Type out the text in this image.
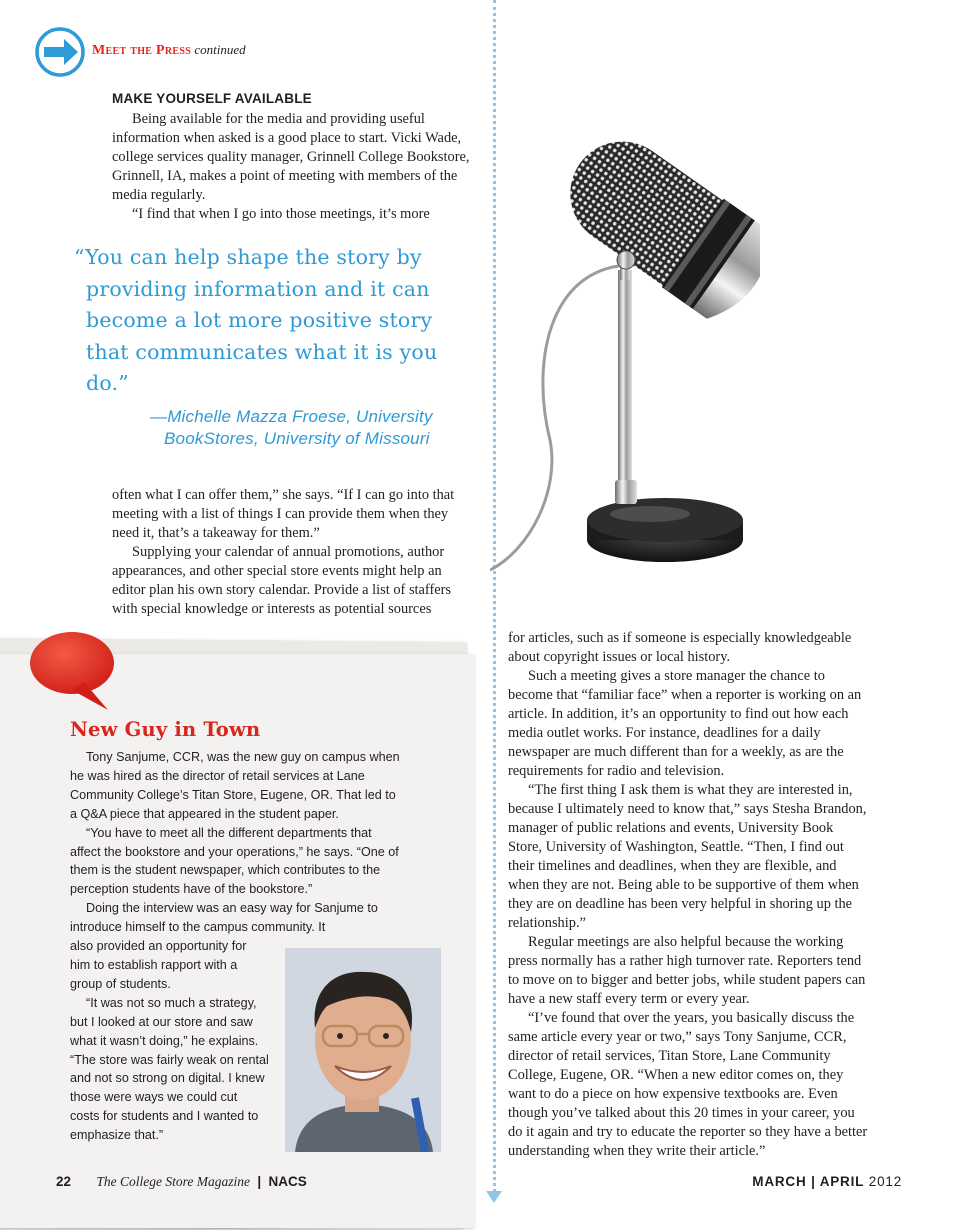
Meet the Press continued
MAKE YOURSELF AVAILABLE

Being available for the media and providing useful information when asked is a good place to start. Vicki Wade, college services quality manager, Grinnell College Bookstore, Grinnell, IA, makes a point of meeting with members of the media regularly.

“I find that when I go into those meetings, it’s more

“You can help shape the story by providing information and it can become a lot more positive story that communicates what it is you do.”
—Michelle Mazza Froese, University BookStores, University of Missouri

often what I can offer them,” she says. “If I can go into that meeting with a list of things I can provide them when they need it, that’s a takeaway for them.”

Supplying your calendar of annual promotions, author appearances, and other special store events might help an editor plan his own story calendar. Provide a list of staffers with special knowledge or interests as potential sources

New Guy in Town

Tony Sanjume, CCR, was the new guy on campus when he was hired as the director of retail services at Lane Community College’s Titan Store, Eugene, OR. That led to a Q&A piece that appeared in the student paper.

“You have to meet all the different departments that affect the bookstore and your operations,” he says. “One of them is the student newspaper, which contributes to the perception students have of the bookstore.”

Doing the interview was an easy way for Sanjume to introduce himself to the campus community. It

also provided an opportunity for him to establish rapport with a group of students.

“It was not so much a strategy, but I looked at our store and saw what it wasn’t doing,” he explains. “The store was fairly weak on rental and not so strong on digital. I knew those were ways we could cut costs for students and I wanted to emphasize that.”

for articles, such as if someone is especially knowledgeable about copyright issues or local history.

Such a meeting gives a store manager the chance to become that “familiar face” when a reporter is working on an article. In addition, it’s an opportunity to find out how each media outlet works. For instance, deadlines for a daily newspaper are much different than for a weekly, as are the requirements for radio and television.

“The first thing I ask them is what they are interested in, because I ultimately need to know that,” says Stesha Brandon, manager of public relations and events, University Book Store, University of Washington, Seattle. “Then, I find out their timelines and deadlines, when they are flexible, and when they are not. Being able to be supportive of them when they are on deadline has been very helpful in shoring up the relationship.”

Regular meetings are also helpful because the working press normally has a rather high turnover rate. Reporters tend to move on to bigger and better jobs, while student papers can have a new staff every term or every year.

“I’ve found that over the years, you basically discuss the same article every year or two,” says Tony Sanjume, CCR, director of retail services, Titan Store, Lane Community College, Eugene, OR. “When a new editor comes on, they want to do a piece on how expensive textbooks are. Even though you’ve talked about this 20 times in your career, you do it again and try to educate the reporter so they have a better understanding when they write their article.”

22 The College Store Magazine | NACS	MARCH | APRIL 2012
